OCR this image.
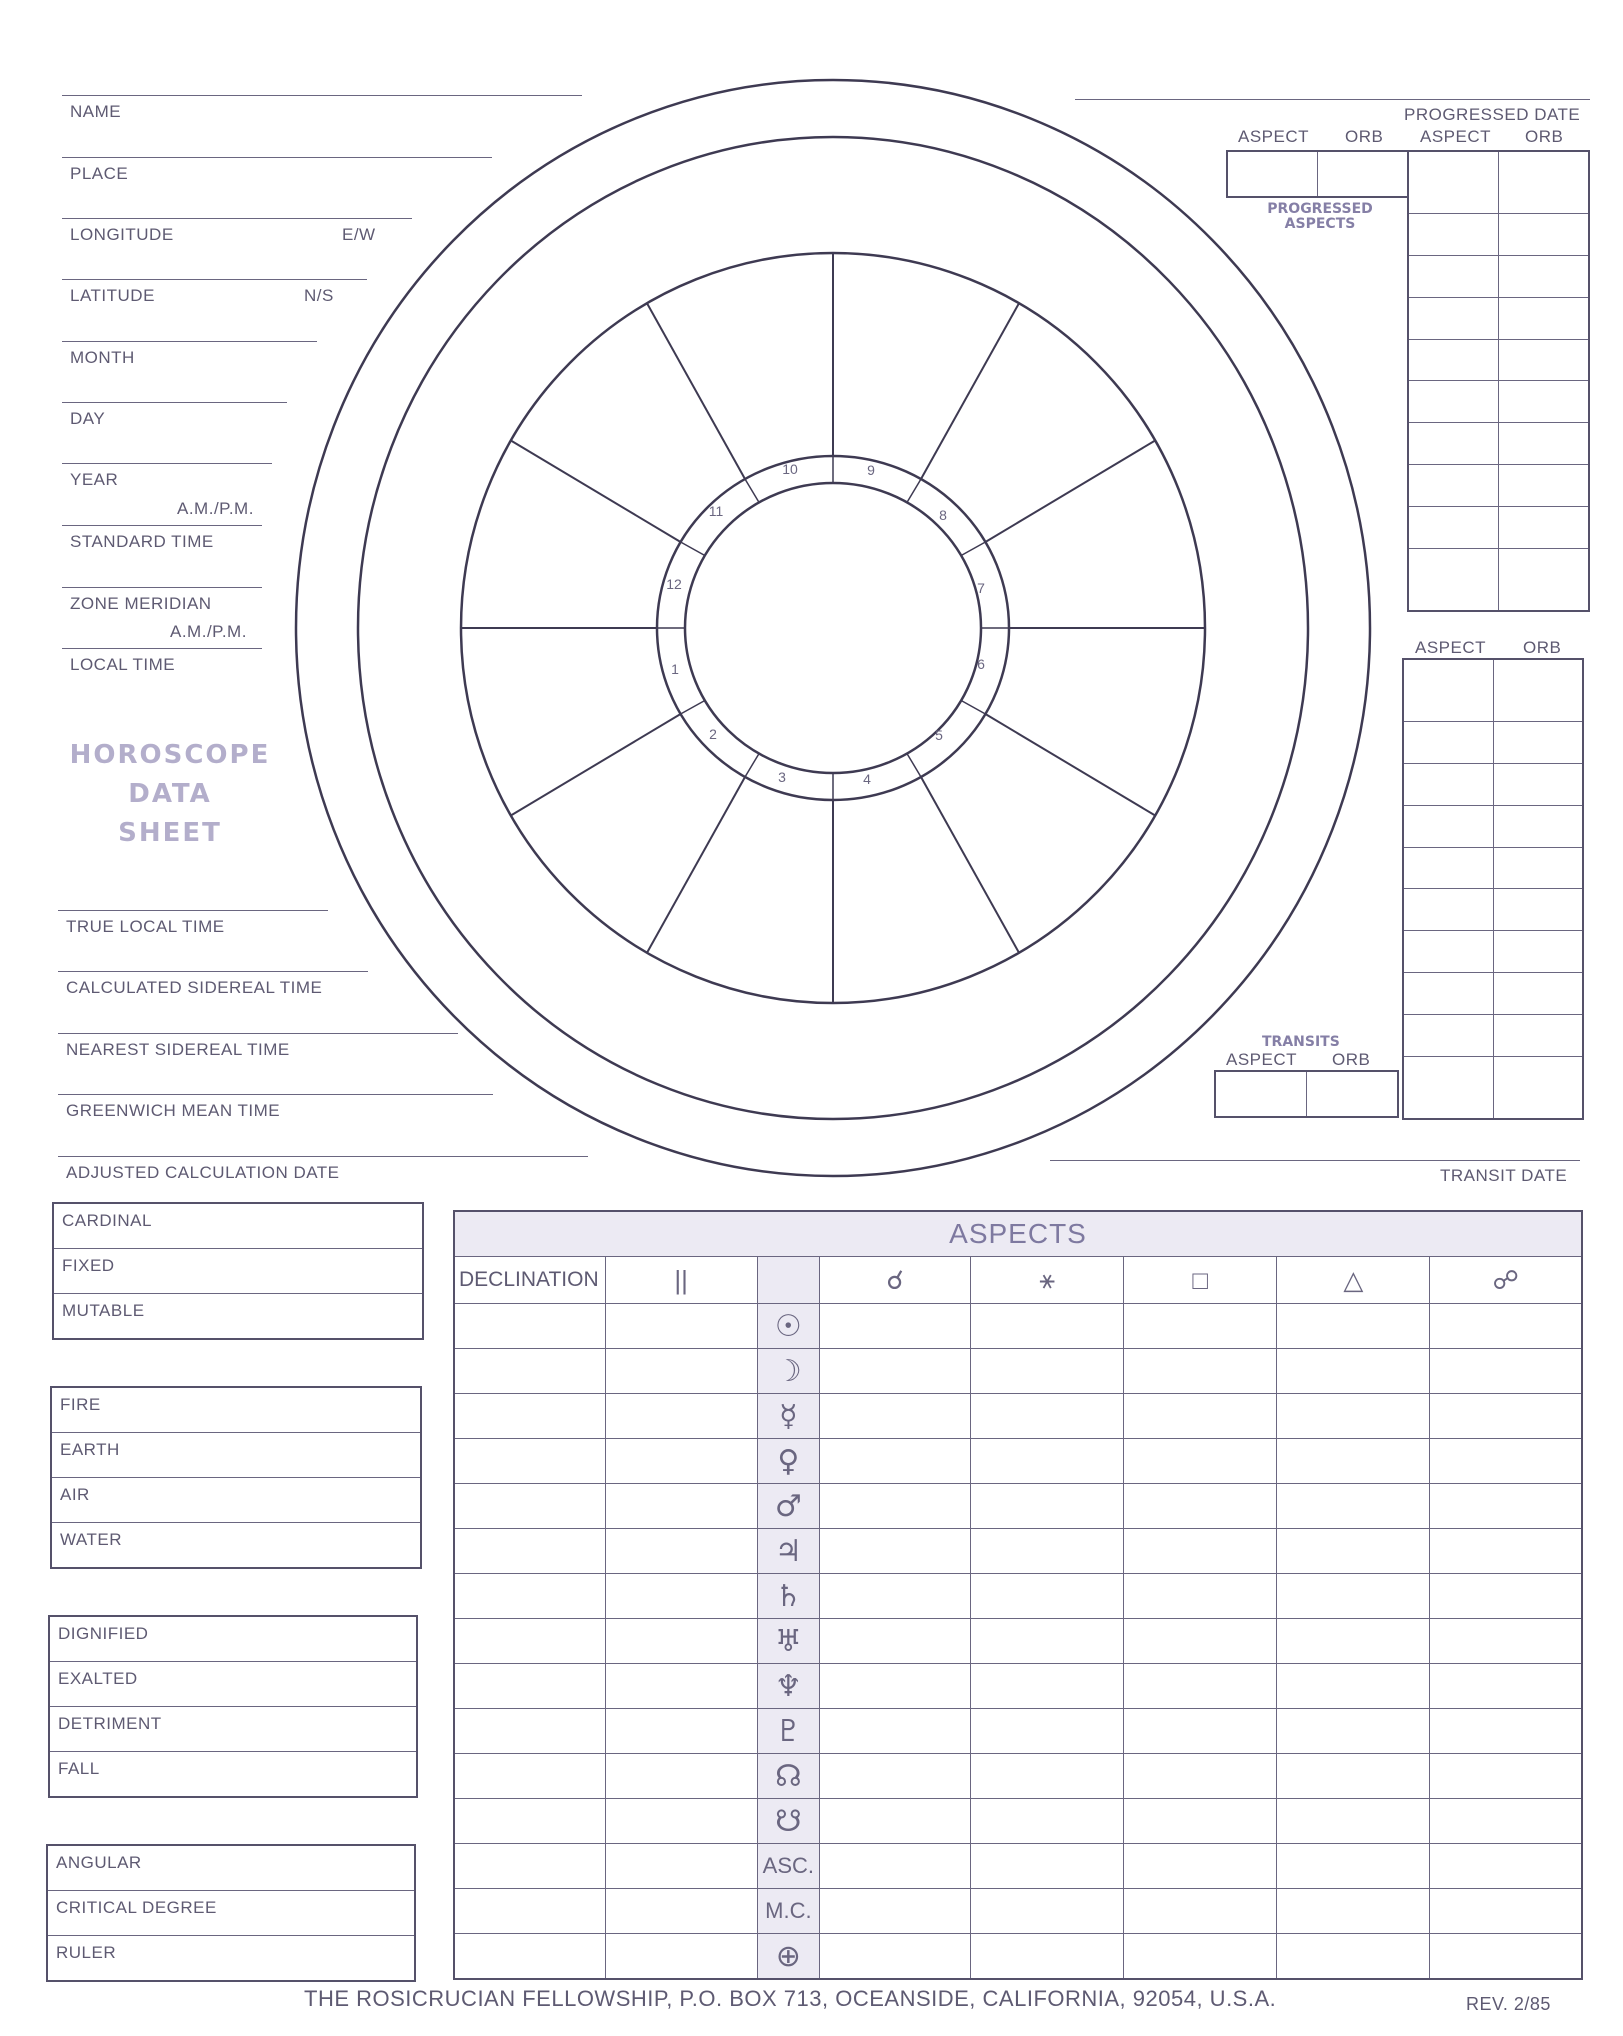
NAME
PLACE
LONGITUDE	E/W
LATITUDE	N/S
MONTH
DAY
YEAR
A.M./P.M.
STANDARD TIME
ZONE MERIDIAN
A.M./P.M.
LOCAL TIME
HOROSCOPE
DATA
SHEET
TRUE LOCAL TIME
CALCULATED SIDEREAL TIME
NEAREST SIDEREAL TIME
GREENWICH MEAN TIME
ADJUSTED CALCULATION DATE
CARDINAL
FIXED
MUTABLE
FIRE
EARTH
AIR
WATER
DIGNIFIED
EXALTED
DETRIMENT
FALL
ANGULAR
CRITICAL DEGREE
RULER
1
2
3	4
5
6
7
8
9
10
11
12
PROGRESSED DATE
ASPECT ORB ASPECT ORB

PROGRESSED
ASPECTS

ASPECT ORB

TRANSITS
ASPECT ORB

TRANSIT DATE
ASPECTS							
DECLINATION	||		☌	⚹	□	△	☍
		☉					
		☽					
		☿					
		♀					
		♂					
		♃					
		♄					
		♅					
		♆					
		♇					
		☊					
		☋					
		ASC.					
		M.C.					
		⊕					
THE ROSICRUCIAN FELLOWSHIP, P.O. BOX 713, OCEANSIDE, CALIFORNIA, 92054, U.S.A.	REV. 2/85
